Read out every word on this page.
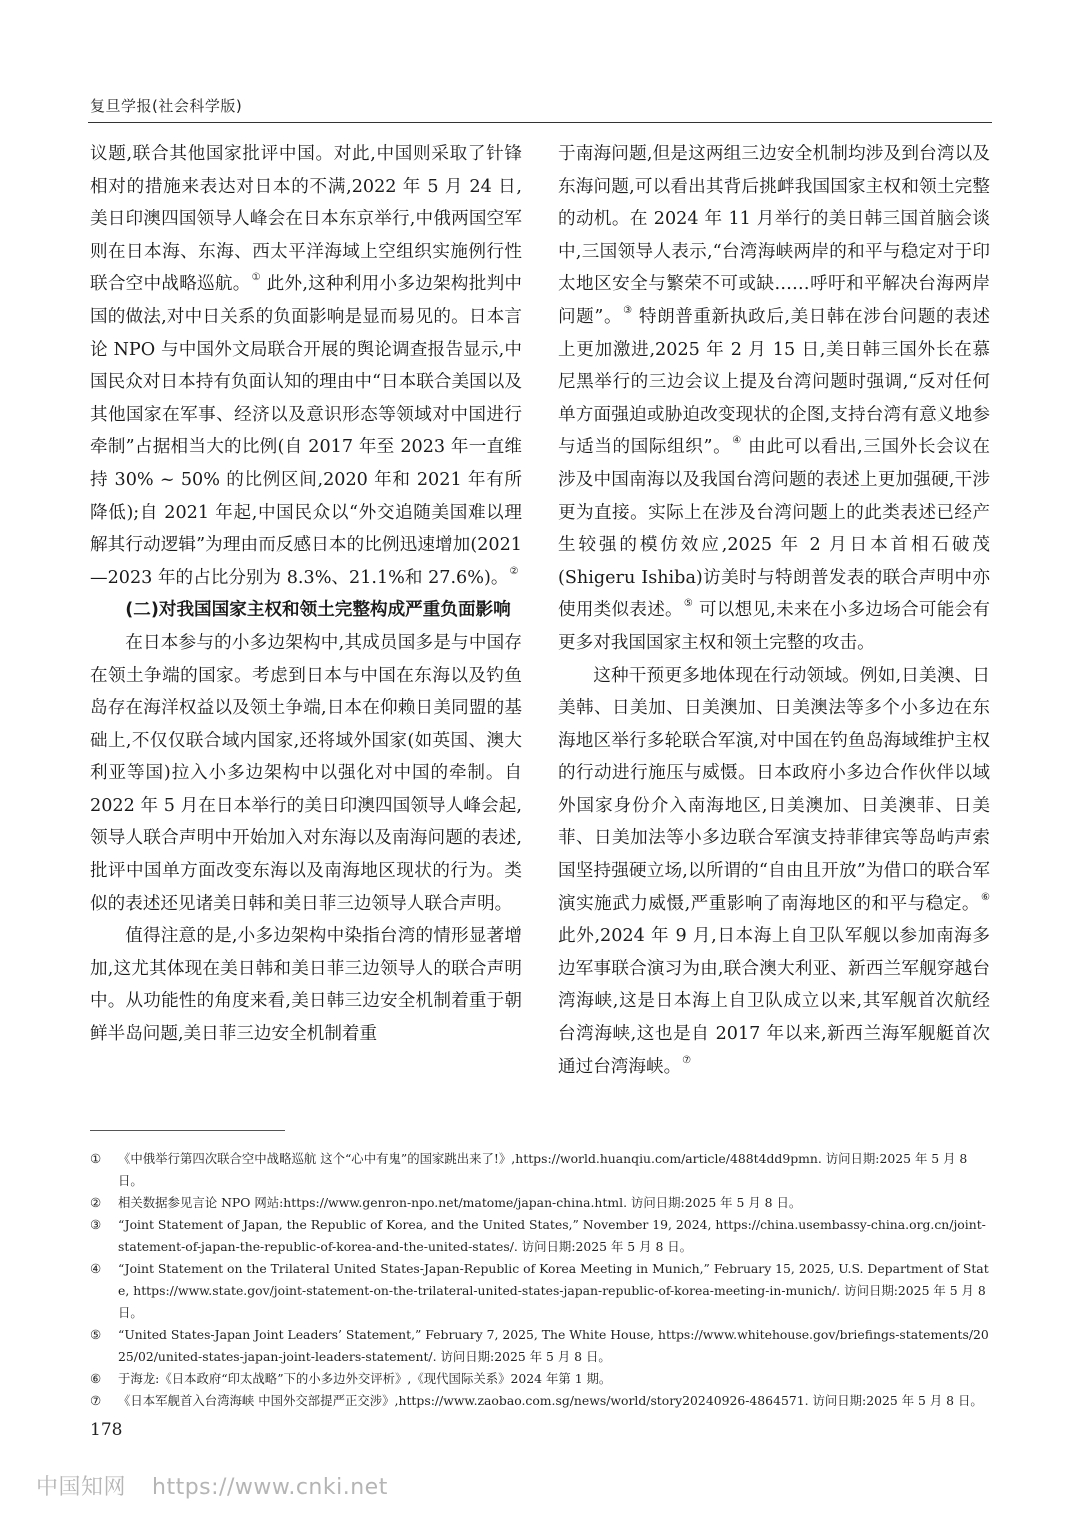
复旦学报(社会科学版)

议题,联合其他国家批评中国。对此,中国则采取了针锋相对的措施来表达对日本的不满,2022 年 5 月 24 日,美日印澳四国领导人峰会在日本东京举行,中俄两国空军则在日本海、东海、西太平洋海域上空组织实施例行性联合空中战略巡航。① 此外,这种利用小多边架构批判中国的做法,对中日关系的负面影响是显而易见的。日本言论 NPO 与中国外文局联合开展的舆论调查报告显示,中国民众对日本持有负面认知的理由中“日本联合美国以及其他国家在军事、经济以及意识形态等领域对中国进行牵制”占据相当大的比例(自 2017 年至 2023 年一直维持 30% ~ 50% 的比例区间,2020 年和 2021 年有所降低);自 2021 年起,中国民众以“外交追随美国难以理解其行动逻辑”为理由而反感日本的比例迅速增加(2021—2023 年的占比分别为 8.3%、21.1%和 27.6%)。②

(二)对我国国家主权和领土完整构成严重负面影响

在日本参与的小多边架构中,其成员国多是与中国存在领土争端的国家。考虑到日本与中国在东海以及钓鱼岛存在海洋权益以及领土争端,日本在仰赖日美同盟的基础上,不仅仅联合域内国家,还将域外国家(如英国、澳大利亚等国)拉入小多边架构中以强化对中国的牵制。自 2022 年 5 月在日本举行的美日印澳四国领导人峰会起,领导人联合声明中开始加入对东海以及南海问题的表述,批评中国单方面改变东海以及南海地区现状的行为。类似的表述还见诸美日韩和美日菲三边领导人联合声明。

值得注意的是,小多边架构中染指台湾的情形显著增加,这尤其体现在美日韩和美日菲三边领导人的联合声明中。从功能性的角度来看,美日韩三边安全机制着重于朝鲜半岛问题,美日菲三边安全机制着重

于南海问题,但是这两组三边安全机制均涉及到台湾以及东海问题,可以看出其背后挑衅我国国家主权和领土完整的动机。在 2024 年 11 月举行的美日韩三国首脑会谈中,三国领导人表示,“台湾海峡两岸的和平与稳定对于印太地区安全与繁荣不可或缺……呼吁和平解决台海两岸问题”。③ 特朗普重新执政后,美日韩在涉台问题的表述上更加激进,2025 年 2 月 15 日,美日韩三国外长在慕尼黑举行的三边会议上提及台湾问题时强调,“反对任何单方面强迫或胁迫改变现状的企图,支持台湾有意义地参与适当的国际组织”。④ 由此可以看出,三国外长会议在涉及中国南海以及我国台湾问题的表述上更加强硬,干涉更为直接。实际上在涉及台湾问题上的此类表述已经产生较强的模仿效应,2025 年 2 月日本首相石破茂(Shigeru Ishiba)访美时与特朗普发表的联合声明中亦使用类似表述。⑤ 可以想见,未来在小多边场合可能会有更多对我国国家主权和领土完整的攻击。

这种干预更多地体现在行动领域。例如,日美澳、日美韩、日美加、日美澳加、日美澳法等多个小多边在东海地区举行多轮联合军演,对中国在钓鱼岛海域维护主权的行动进行施压与威慑。日本政府小多边合作伙伴以域外国家身份介入南海地区,日美澳加、日美澳菲、日美菲、日美加法等小多边联合军演支持菲律宾等岛屿声索国坚持强硬立场,以所谓的“自由且开放”为借口的联合军演实施武力威慑,严重影响了南海地区的和平与稳定。⑥ 此外,2024 年 9 月,日本海上自卫队军舰以参加南海多边军事联合演习为由,联合澳大利亚、新西兰军舰穿越台湾海峡,这是日本海上自卫队成立以来,其军舰首次航经台湾海峡,这也是自 2017 年以来,新西兰海军舰艇首次通过台湾海峡。⑦

① 《中俄举行第四次联合空中战略巡航 这个“心中有鬼”的国家跳出来了!》,https://world.huanqiu.com/article/488t4dd9pmn. 访问日期:2025 年 5 月 8 日。
② 相关数据参见言论 NPO 网站:https://www.genron-npo.net/matome/japan-china.html. 访问日期:2025 年 5 月 8 日。
③ “Joint Statement of Japan, the Republic of Korea, and the United States,” November 19, 2024, https://china.usembassy-china.org.cn/joint-statement-of-japan-the-republic-of-korea-and-the-united-states/. 访问日期:2025 年 5 月 8 日。
④ “Joint Statement on the Trilateral United States-Japan-Republic of Korea Meeting in Munich,” February 15, 2025, U.S. Department of State, https://www.state.gov/joint-statement-on-the-trilateral-united-states-japan-republic-of-korea-meeting-in-munich/. 访问日期:2025 年 5 月 8 日。
⑤ “United States-Japan Joint Leaders’ Statement,” February 7, 2025, The White House, https://www.whitehouse.gov/briefings-statements/2025/02/united-states-japan-joint-leaders-statement/. 访问日期:2025 年 5 月 8 日。
⑥ 于海龙:《日本政府“印太战略”下的小多边外交评析》,《现代国际关系》2024 年第 1 期。
⑦ 《日本军舰首入台湾海峡 中国外交部提严正交涉》,https://www.zaobao.com.sg/news/world/story20240926-4864571. 访问日期:2025 年 5 月 8 日。
178
中国知网 https://www.cnki.net
